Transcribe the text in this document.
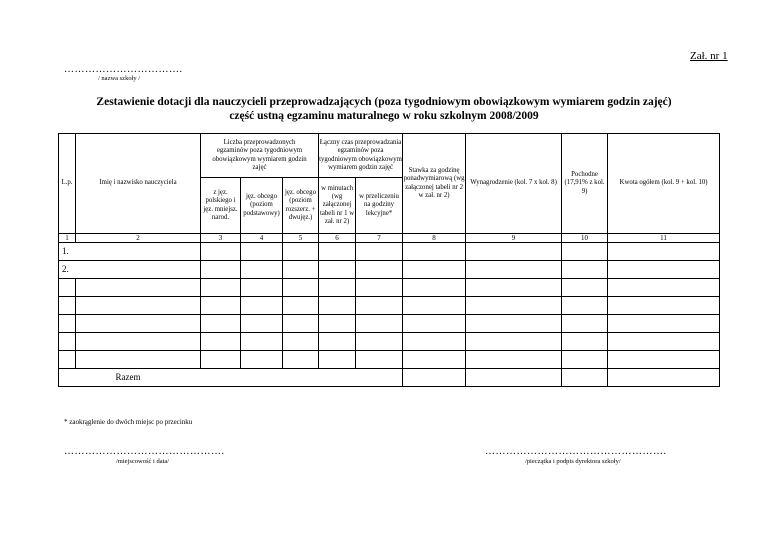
Zał. nr 1
…………………………….
/ nazwa szkoły /
Zestawienie dotacji dla nauczycieli przeprowadzających (poza tygodniowym obowiązkowym wymiarem godzin zajęć)
część ustną egzaminu maturalnego w roku szkolnym 2008/2009
L.p.	Imię i nazwisko nauczyciela	Liczba przeprowadzonych egzaminów poza tygodniowym obowiązkowym wymiarem godzin zajęć			Łączny czas przeprowadzania egzaminów poza tygodniowym obowiązkowym wymiarem godzin zajęć		Stawka za godzinę ponadwymiarową (wg załączonej tabeli nr 2 w zał. nr 2)	Wynagrodzenie (kol. 7 x kol. 8)	Pochodne (17,91% z kol. 9)	Kwota ogółem (kol. 9 + kol. 10)
		z jęz. polskiego i jęz. mniejsz. narod.	jęz. obcego (poziom podstawowy)	jęz. obcego (poziom rozszerz. + dwujęz.)	w minutach (wg załączonej tabeli nr 1 w zał. nr 2)	w przeliczeniu na godziny lekcyjne*				
1	2	3	4	5	6	7	8	9	10	11
1.										
2.										

	Razem									
* zaokrąglenie do dwóch miejsc po przecinku
……………………………………….
/miejscowość i data/
…………………………………………….
/pieczątka i podpis dyrektora szkoły/
